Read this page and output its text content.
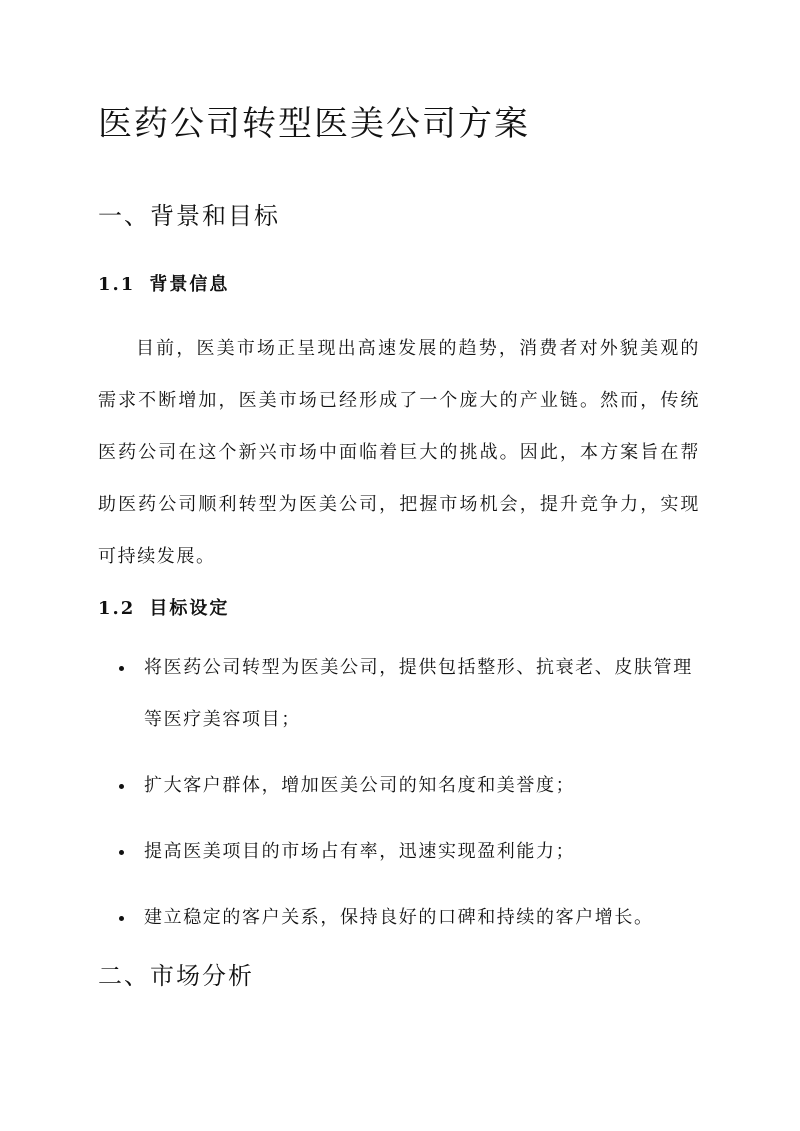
医药公司转型医美公司方案
一、背景和目标
1.1 背景信息

目前，医美市场正呈现出高速发展的趋势，消费者对外貌美观的需求不断增加，医美市场已经形成了一个庞大的产业链。然而，传统医药公司在这个新兴市场中面临着巨大的挑战。因此，本方案旨在帮助医药公司顺利转型为医美公司，把握市场机会，提升竞争力，实现可持续发展。

1.2 目标设定
将医药公司转型为医美公司，提供包括整形、抗衰老、皮肤管理等医疗美容项目；
扩大客户群体，增加医美公司的知名度和美誉度；
提高医美项目的市场占有率，迅速实现盈利能力；
建立稳定的客户关系，保持良好的口碑和持续的客户增长。
二、市场分析
